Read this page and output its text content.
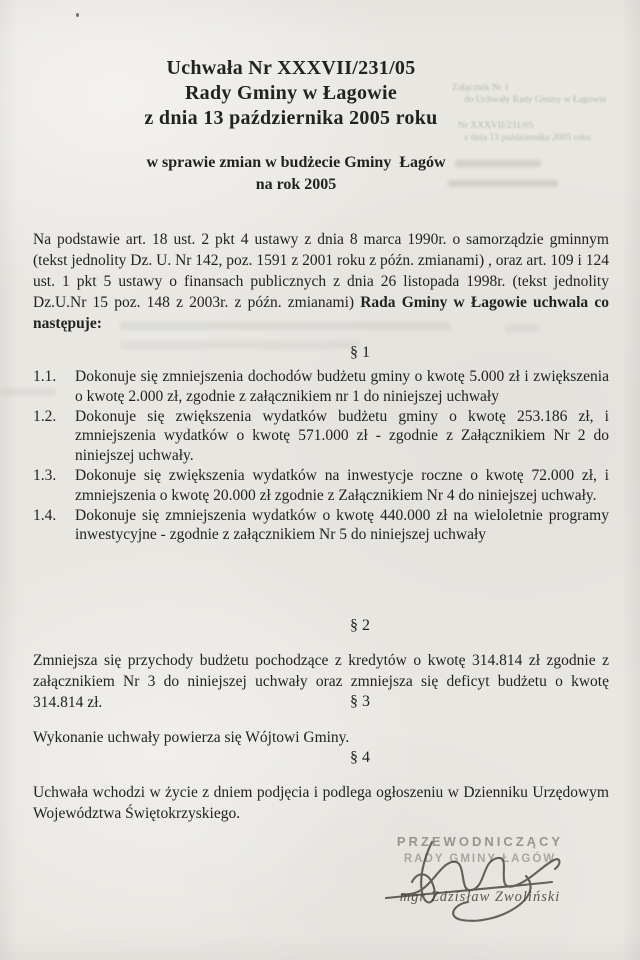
Załącznik Nr 1
do Uchwały Rady Gminy w Łagowie
Nr XXXVII/231/05
z dnia 13 października 2005 roku
Uchwała Nr XXXVII/231/05
Rady Gminy w Łagowie
z dnia 13 października 2005 roku
w sprawie zmian w budżecie Gminy  Łagów
na rok 2005

Na podstawie art. 18 ust. 2 pkt 4 ustawy z dnia 8 marca 1990r. o samorządzie gminnym (tekst jednolity Dz. U. Nr 142, poz. 1591 z 2001 roku z późn. zmianami) , oraz art. 109 i 124 ust. 1 pkt 5 ustawy o finansach publicznych z dnia 26 listopada 1998r. (tekst jednolity Dz.U.Nr 15 poz. 148 z 2003r. z późn. zmianami) Rada Gminy w Łagowie uchwala co następuje:

§ 1
1.1.	Dokonuje się zmniejszenia dochodów budżetu gminy o kwotę 5.000 zł i zwiększenia o kwotę 2.000 zł, zgodnie z załącznikiem nr 1 do niniejszej uchwały
1.2.	Dokonuje się zwiększenia wydatków budżetu gminy o kwotę 253.186 zł, i zmniejszenia wydatków o kwotę 571.000 zł - zgodnie z Załącznikiem Nr 2 do niniejszej uchwały.
1.3.	Dokonuje się zwiększenia wydatków na inwestycje roczne o kwotę 72.000 zł, i zmniejszenia o kwotę 20.000 zł zgodnie z Załącznikiem Nr 4 do niniejszej uchwały.
1.4.	Dokonuje się zmniejszenia wydatków o kwotę 440.000 zł na wieloletnie programy inwestycyjne - zgodnie z załącznikiem Nr 5 do niniejszej uchwały
§ 2

Zmniejsza się przychody budżetu pochodzące z kredytów o kwotę 314.814 zł zgodnie z załącznikiem Nr 3 do niniejszej uchwały oraz zmniejsza się deficyt budżetu o kwotę 314.814 zł.	§ 3

Wykonanie uchwały powierza się Wójtowi Gminy.

§ 4

Uchwała wchodzi w życie z dniem podjęcia i podlega ogłoszeniu w Dzienniku Urzędowym Województwa Świętokrzyskiego.

PRZEWODNICZĄCY
RADY GMINY ŁAGÓW
mgr Zdzisław Zwoliński
